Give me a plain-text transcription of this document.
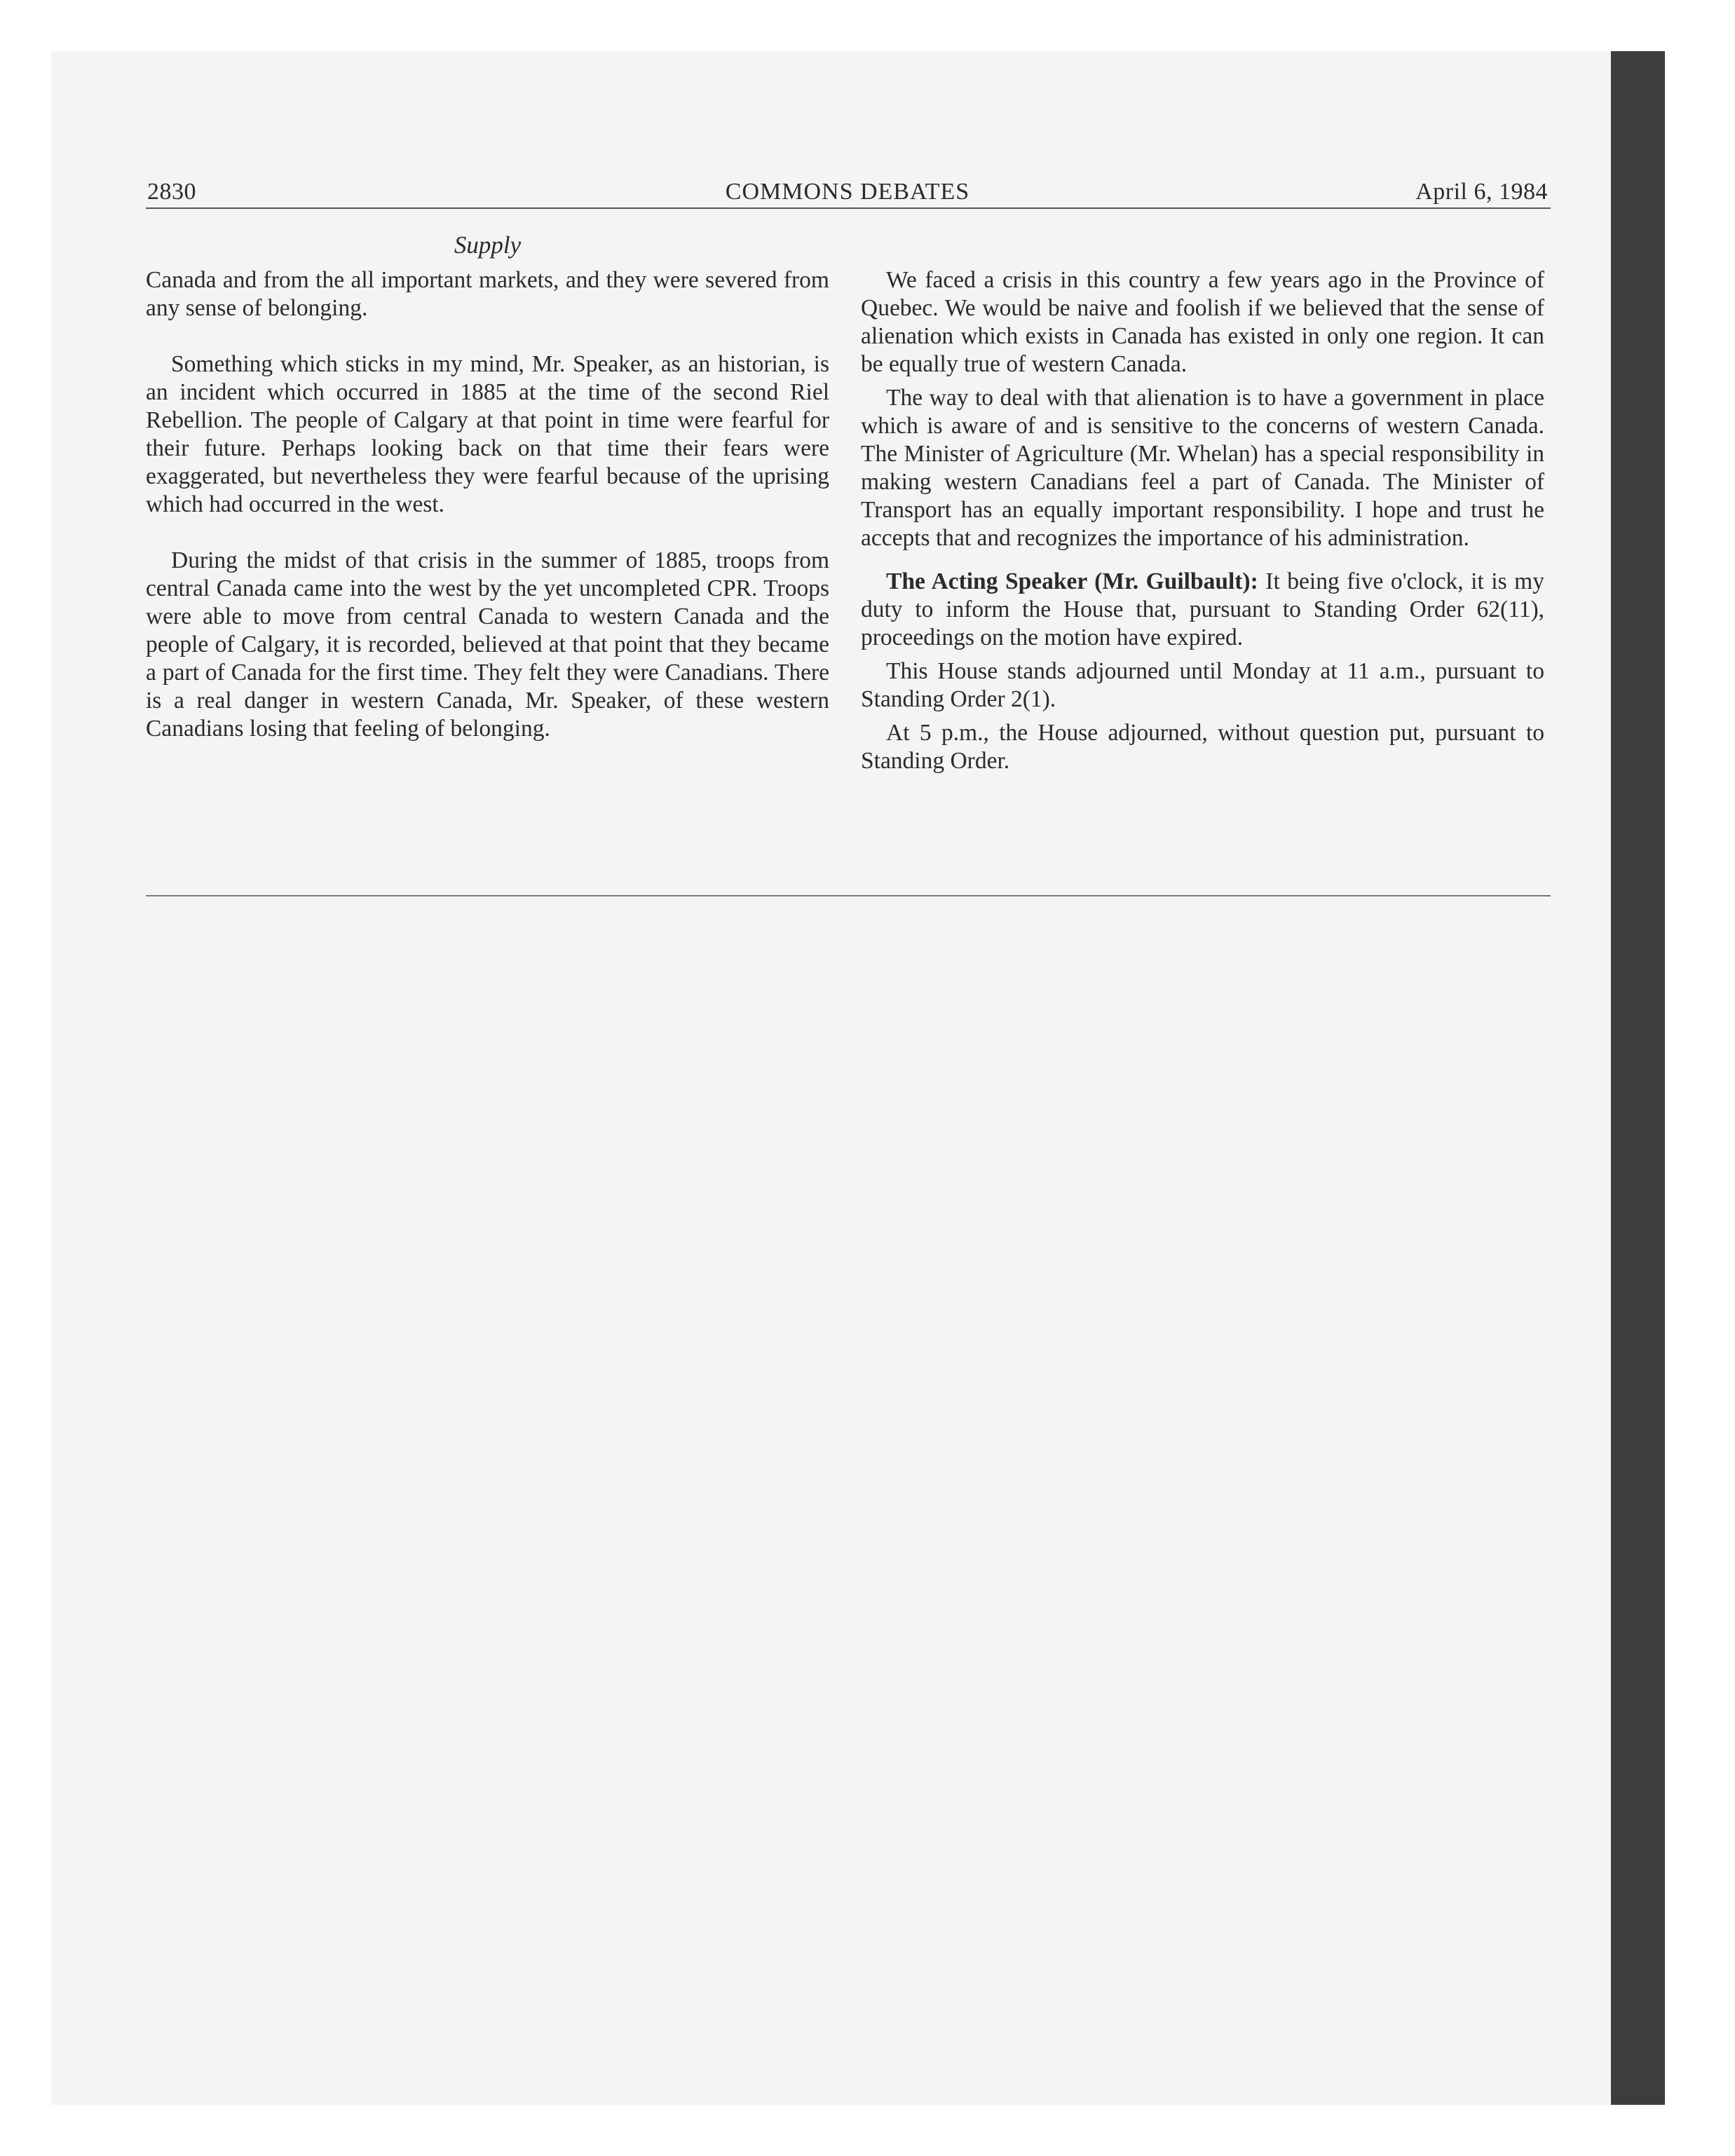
2830	COMMONS DEBATES	April 6, 1984
Supply

Canada and from the all important markets, and they were severed from any sense of belonging.

Something which sticks in my mind, Mr. Speaker, as an historian, is an incident which occurred in 1885 at the time of the second Riel Rebellion. The people of Calgary at that point in time were fearful for their future. Perhaps looking back on that time their fears were exaggerated, but nevertheless they were fearful because of the uprising which had occurred in the west.

During the midst of that crisis in the summer of 1885, troops from central Canada came into the west by the yet uncompleted CPR. Troops were able to move from central Canada to western Canada and the people of Calgary, it is recorded, believed at that point that they became a part of Canada for the first time. They felt they were Canadians. There is a real danger in western Canada, Mr. Speaker, of these western Canadians losing that feeling of belonging.

We faced a crisis in this country a few years ago in the Province of Quebec. We would be naive and foolish if we believed that the sense of alienation which exists in Canada has existed in only one region. It can be equally true of western Canada.

The way to deal with that alienation is to have a government in place which is aware of and is sensitive to the concerns of western Canada. The Minister of Agriculture (Mr. Whelan) has a special responsibility in making western Canadians feel a part of Canada. The Minister of Transport has an equally important responsibility. I hope and trust he accepts that and recognizes the importance of his administration.

The Acting Speaker (Mr. Guilbault): It being five o'clock, it is my duty to inform the House that, pursuant to Standing Order 62(11), proceedings on the motion have expired.

This House stands adjourned until Monday at 11 a.m., pursuant to Standing Order 2(1).

At 5 p.m., the House adjourned, without question put, pursuant to Standing Order.
